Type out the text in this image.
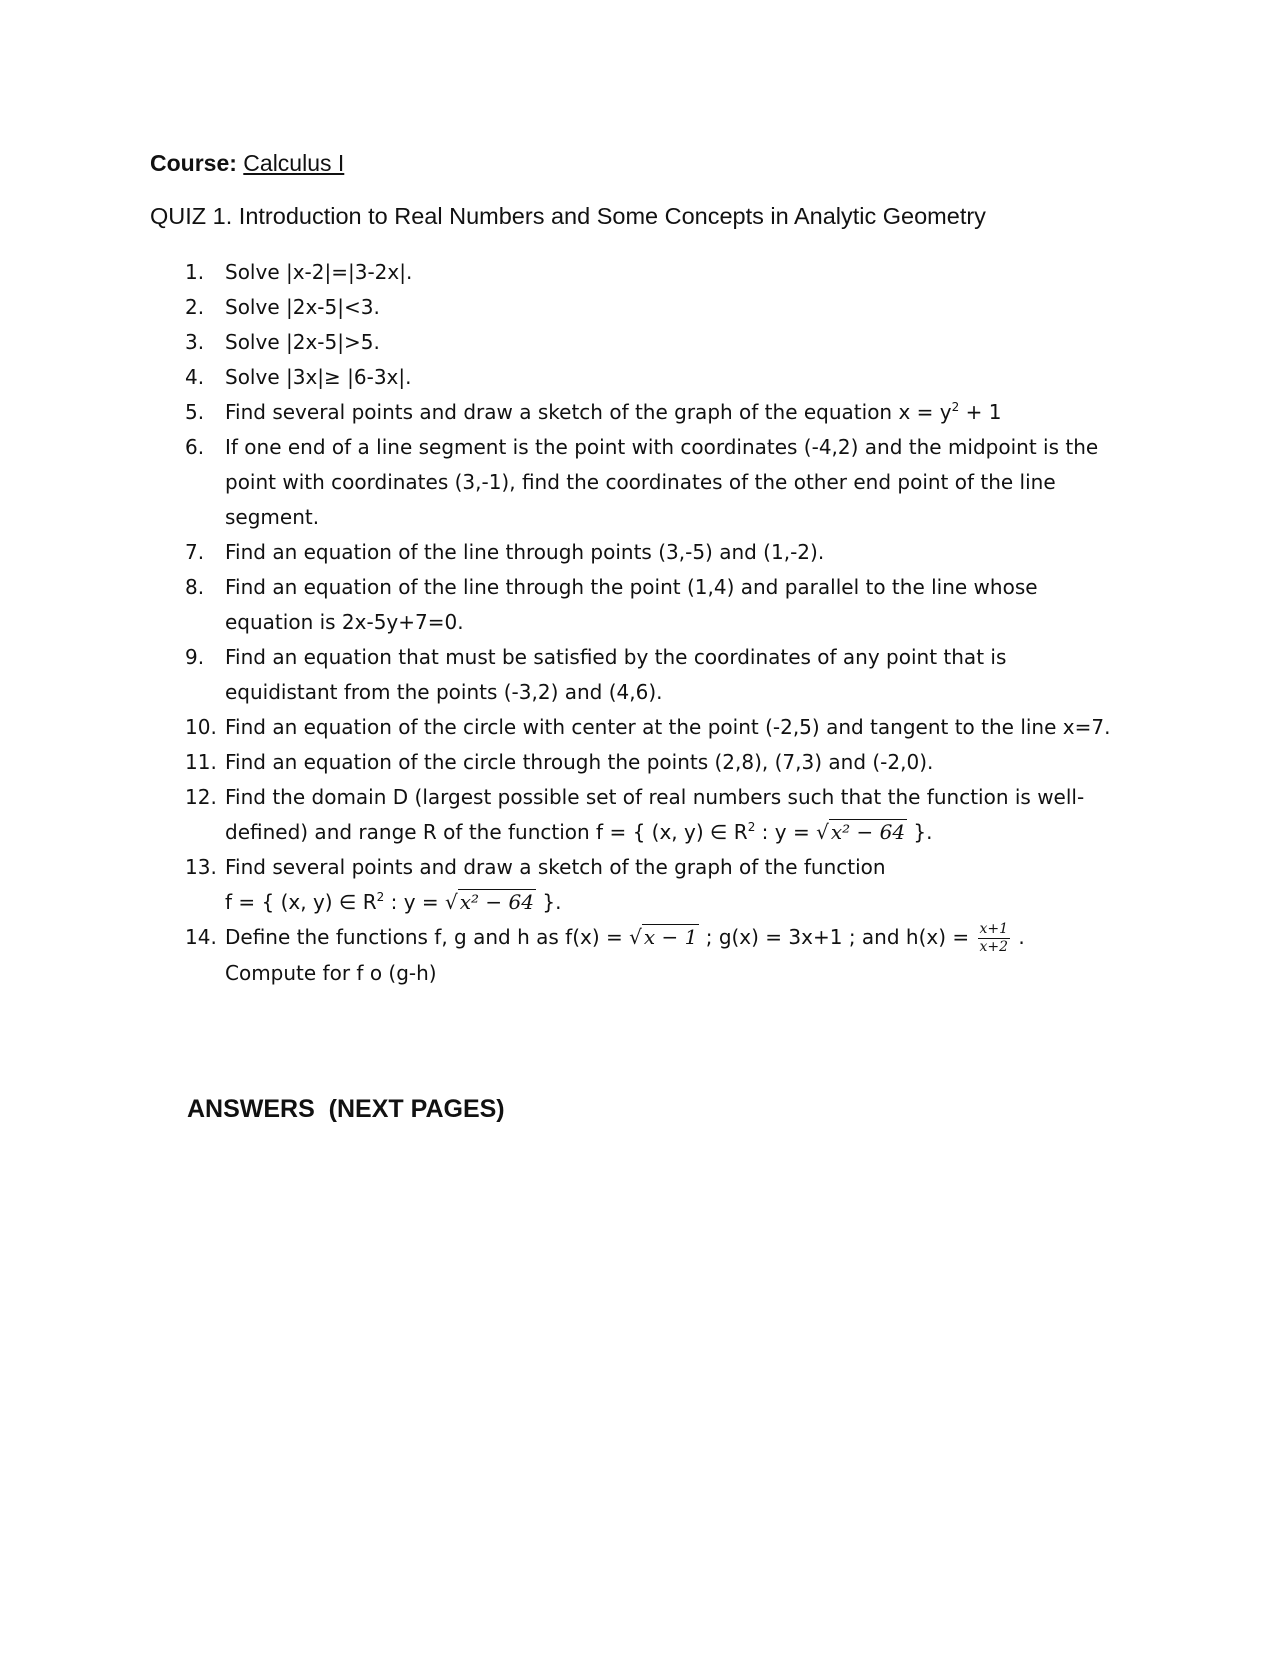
Course: Calculus I
QUIZ 1. Introduction to Real Numbers and Some Concepts in Analytic Geometry
1. Solve |x-2|=|3-2x|.
2. Solve |2x-5|<3.
3. Solve |2x-5|>5.
4. Solve |3x|≥ |6-3x|.
5. Find several points and draw a sketch of the graph of the equation $x = y^2 + 1$
6. If one end of a line segment is the point with coordinates (-4,2) and the midpoint is the
point with coordinates (3,-1), find the coordinates of the other end point of the line
segment.
7. Find an equation of the line through points (3,-5) and (1,-2).
8. Find an equation of the line through the point (1,4) and parallel to the line whose
equation is 2x-5y+7=0.
9. Find an equation that must be satisfied by the coordinates of any point that is
equidistant from the points (-3,2) and (4,6).
10. Find an equation of the circle with center at the point (-2,5) and tangent to the line x=7.
11. Find an equation of the circle through the points (2,8), (7,3) and (-2,0).
12. Find the domain D (largest possible set of real numbers such that the function is well-
defined) and range R of the function f = { (x, y) ∈ $R^2$ : y = √ x² − 64 }.
13. Find several points and draw a sketch of the graph of the function
f = { (x, y) ∈ $R^2$ : y = √ x² − 64 }.
14. Define the functions f, g and h as f(x) = √ x − 1 ; g(x) = 3x+1 ; and $h(x) = \frac{x+1}{x+2}$ .
Compute for f o (g-h)
ANSWERS  (NEXT PAGES)
